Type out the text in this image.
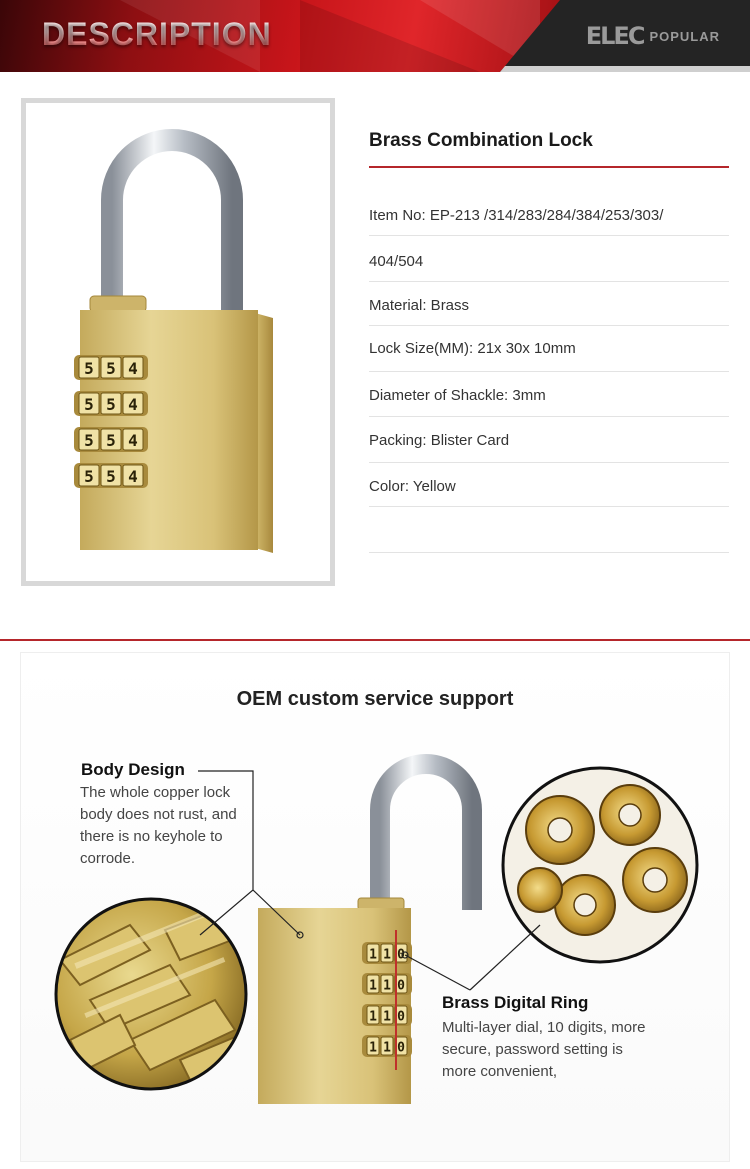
DESCRIPTION	ELEC POPULAR
5 5 4
5 5 4
5 5 4
5 5 4
Brass Combination Lock
Item No: EP-213 /314/283/284/384/253/303/
404/504
Material: Brass
Lock Size(MM): 21x 30x 10mm
Diameter of Shackle: 3mm
Packing: Blister Card
Color: Yellow
OEM custom service support
1 1 0
1 1 0
1 1 0
1 1 0
Body Design
The whole copper lock
body does not rust, and
there is no keyhole to
corrode.
Brass Digital Ring
Multi-layer dial, 10 digits, more
secure, password setting is
more convenient,
